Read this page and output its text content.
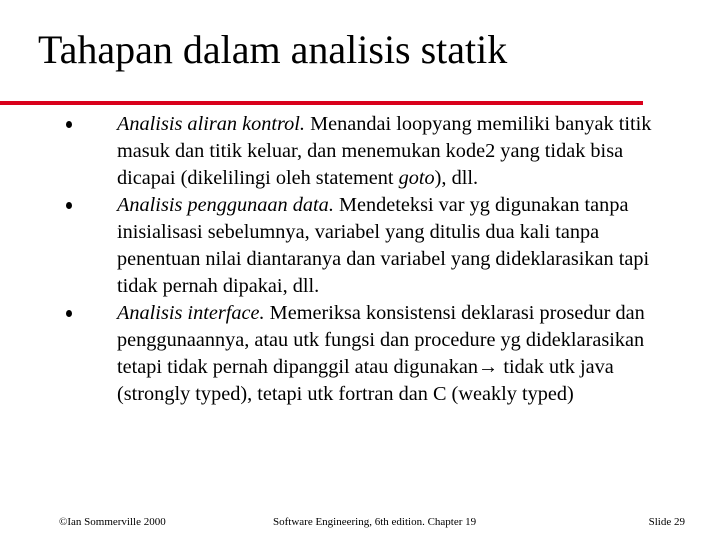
Tahapan dalam analisis statik
Analisis aliran kontrol. Menandai loopyang memiliki banyak titik masuk dan titik keluar, dan menemukan kode2 yang tidak bisa dicapai (dikelilingi oleh statement goto), dll.
Analisis penggunaan data. Mendeteksi var yg digunakan tanpa inisialisasi sebelumnya, variabel yang ditulis dua kali tanpa penentuan nilai diantaranya dan variabel yang dideklarasikan tapi tidak pernah dipakai, dll.
Analisis interface. Memeriksa konsistensi deklarasi prosedur dan penggunaannya, atau utk fungsi dan procedure yg dideklarasikan tetapi tidak pernah dipanggil atau digunakan→ tidak utk java (strongly typed), tetapi utk fortran dan C (weakly typed)
©Ian Sommerville 2000	Software Engineering, 6th edition. Chapter 19	Slide 29
